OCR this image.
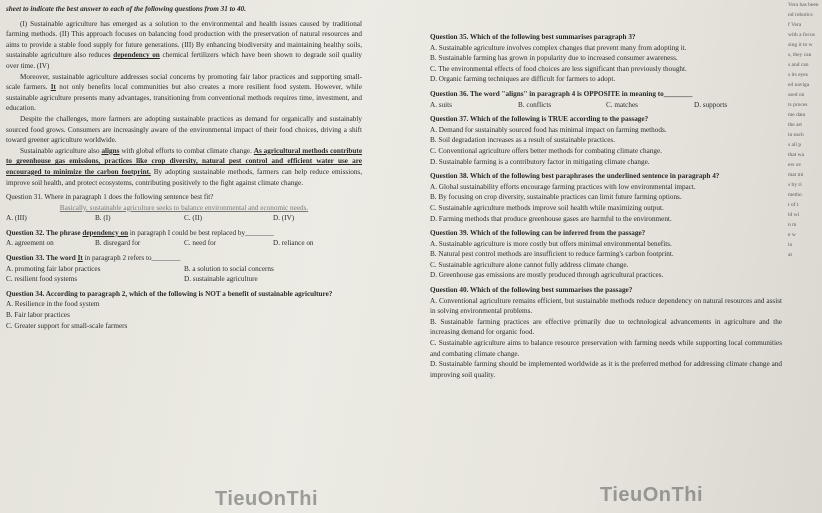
sheet to indicate the best answer to each of the following questions from 31 to 40.

(I) Sustainable agriculture has emerged as a solution to the environmental and health issues caused by traditional farming methods. (II) This approach focuses on balancing food production with the preservation of natural resources and aims to provide a stable food supply for future generations. (III) By enhancing biodiversity and maintaining healthy soils, sustainable agriculture also reduces dependency on chemical fertilizers which have been shown to degrade soil quality over time. (IV)

Moreover, sustainable agriculture addresses social concerns by promoting fair labor practices and supporting small-scale farmers. It not only benefits local communities but also creates a more resilient food system. However, while sustainable agriculture presents many advantages, transitioning from conventional methods requires time, investment, and education.

Despite the challenges, more farmers are adopting sustainable practices as demand for organically and sustainably sourced food grows. Consumers are increasingly aware of the environmental impact of their food choices, driving a shift toward greener agriculture worldwide.

Sustainable agriculture also aligns with global efforts to combat climate change. As agricultural methods contribute to greenhouse gas emissions, practices like crop diversity, natural pest control and efficient water use are encouraged to minimize the carbon footprint. By adopting sustainable methods, farmers can help reduce emissions, improve soil health, and protect ecosystems, contributing positively to the fight against climate change.

Question 31. Where in paragraph 1 does the following sentence best fit?

Basically, sustainable agriculture seeks to balance environmental and economic needs.

A. (III)	B. (I)	C. (II)	D. (IV)

Question 32. The phrase dependency on in paragraph I could be best replaced by________

A. agreement on	B. disregard for	C. need for	D. reliance on

Question 33. The word It in paragraph 2 refers to________

A. promoting fair labor practices	B. a solution to social concerns
C. resilient food systems	D. sustainable agriculture

Question 34. According to paragraph 2, which of the following is NOT a benefit of sustainable agriculture?

A. Resilience in the food system
B. Fair labor practices
C. Greater support for small-scale farmers

Question 35. Which of the following best summarises paragraph 3?

A. Sustainable agriculture involves complex changes that prevent many from adopting it.
B. Sustainable farming has grown in popularity due to increased consumer awareness.
C. The environmental effects of food choices are less significant than previously thought.
D. Organic farming techniques are difficult for farmers to adopt.

Question 36. The word "aligns" in paragraph 4 is OPPOSITE in meaning to________

A. suits	B. conflicts	C. matches	D. supports

Question 37. Which of the following is TRUE according to the passage?

A. Demand for sustainably sourced food has minimal impact on farming methods.
B. Soil degradation increases as a result of sustainable practices.
C. Conventional agriculture offers better methods for combating climate change.
D. Sustainable farming is a contributory factor in mitigating climate change.

Question 38. Which of the following best paraphrases the underlined sentence in paragraph 4?

A. Global sustainability efforts encourage farming practices with low environmental impact.
B. By focusing on crop diversity, sustainable practices can limit future farming options.
C. Sustainable agriculture methods improve soil health while maximizing output.
D. Farming methods that produce greenhouse gases are harmful to the environment.

Question 39. Which of the following can be inferred from the passage?

A. Sustainable agriculture is more costly but offers minimal environmental benefits.
B. Natural pest control methods are insufficient to reduce farming's carbon footprint.
C. Sustainable agriculture alone cannot fully address climate change.
D. Greenhouse gas emissions are mostly produced through agricultural practices.

Question 40. Which of the following best summarises the passage?

A. Conventional agriculture remains efficient, but sustainable methods reduce dependency on natural resources and assist in solving environmental problems.

B. Sustainable farming practices are effective primarily due to technological advancements in agriculture and the increasing demand for organic food.

C. Sustainable agriculture aims to balance resource preservation with farming needs while supporting local communities and combating climate change.

D. Sustainable farming should be implemented worldwide as it is the preferred method for addressing climate change and improving soil quality.

Vera has been
nd robotics
f Vera
with a focus
sing it to w
s, they can
s and can
s its eyes
ed naviga
ssed on
ts proces
me data
the art
in each
s all p
that wa
ers ov
mat mi
s by ri
metho
t of t
ld wi
n m
e w
in
at
TieuOnThi	TieuOnThi
